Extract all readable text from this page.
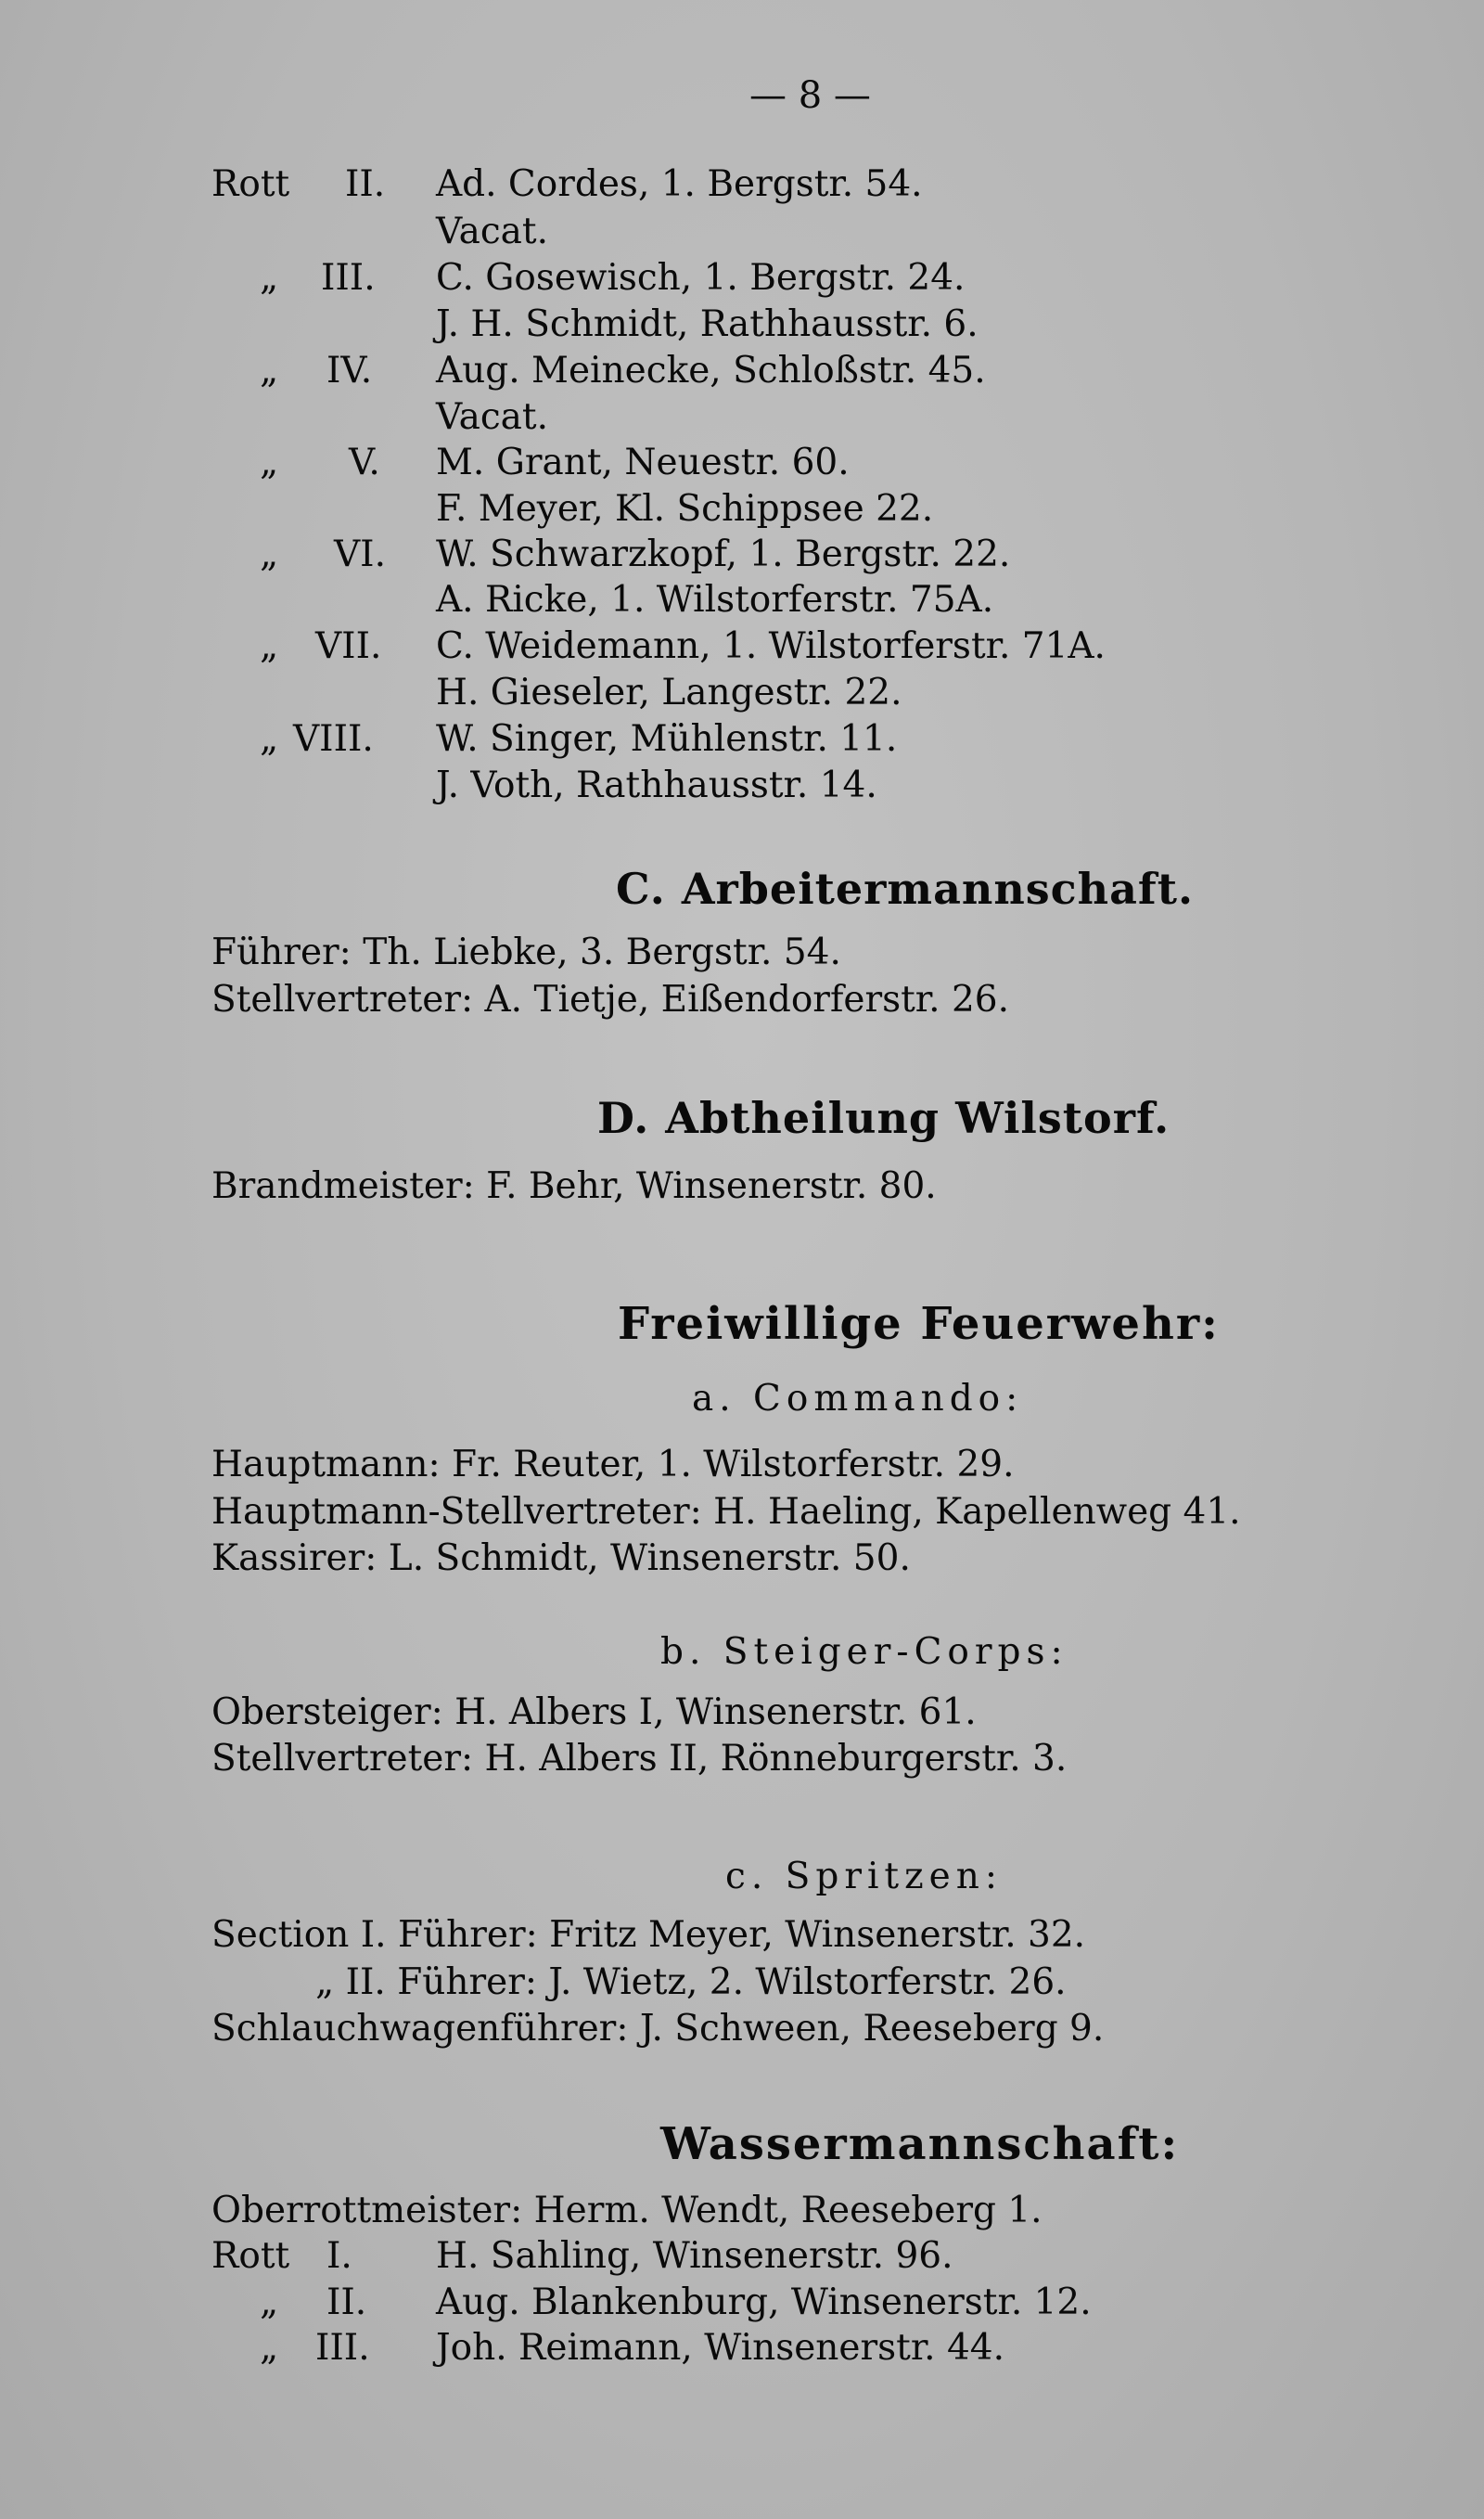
— 8 —
Rott II. Ad. Cordes, 1. Bergstr. 54.
Vacat.
„ III. C. Gosewisch, 1. Bergstr. 24.
J. H. Schmidt, Rathhausstr. 6.
„ IV. Aug. Meinecke, Schloßstr. 45.
Vacat.
„ V. M. Grant, Neuestr. 60.
F. Meyer, Kl. Schippsee 22.
„ VI. W. Schwarzkopf, 1. Bergstr. 22.
A. Ricke, 1. Wilstorferstr. 75A.
„ VII. C. Weidemann, 1. Wilstorferstr. 71A.
H. Gieseler, Langestr. 22.
„ VIII. W. Singer, Mühlenstr. 11.
J. Voth, Rathhausstr. 14.
C. Arbeitermannschaft.
Führer: Th. Liebke, 3. Bergstr. 54.
Stellvertreter: A. Tietje, Eißendorferstr. 26.
D. Abtheilung Wilstorf.
Brandmeister: F. Behr, Winsenerstr. 80.
Freiwillige Feuerwehr:
a. Commando:
Hauptmann: Fr. Reuter, 1. Wilstorferstr. 29.
Hauptmann-Stellvertreter: H. Haeling, Kapellenweg 41.
Kassirer: L. Schmidt, Winsenerstr. 50.
b. Steiger-Corps:
Obersteiger: H. Albers I, Winsenerstr. 61.
Stellvertreter: H. Albers II, Rönneburgerstr. 3.
c. Spritzen:
Section I. Führer: Fritz Meyer, Winsenerstr. 32.
„ II. Führer: J. Wietz, 2. Wilstorferstr. 26.
Schlauchwagenführer: J. Schween, Reeseberg 9.
Wassermannschaft:
Oberrottmeister: Herm. Wendt, Reeseberg 1.
Rott I. H. Sahling, Winsenerstr. 96.
„ II. Aug. Blankenburg, Winsenerstr. 12.
„ III. Joh. Reimann, Winsenerstr. 44.
